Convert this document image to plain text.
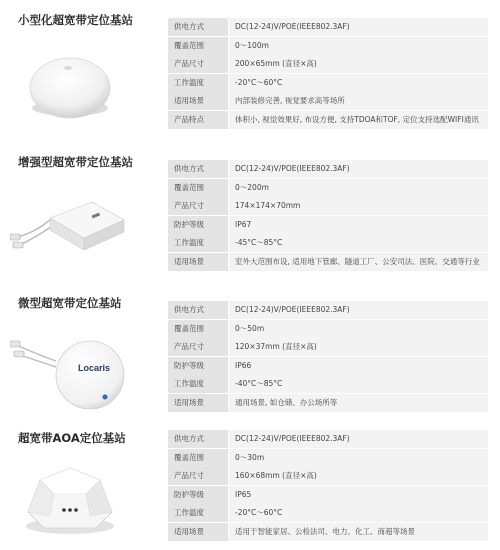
小型化超宽带定位基站	供电方式	DC(12-24)V/POE(IEEE802.3AF)
覆盖范围	0～100m
产品尺寸	200×65mm (直径×高)
工作温度	-20°C～60°C
适用场景	内部装修完善, 视觉要求高等场所
产品特点	体积小, 视觉效果好, 布设方便, 支持TDOA和TOF, 定位支持选配WIFI通讯
增强型超宽带定位基站	供电方式	DC(12-24)V/POE(IEEE802.3AF)
覆盖范围	0～200m
产品尺寸	174×174×70mm
防护等级	IP67
工作温度	-45°C～85°C
适用场景	室外大范围布设, 适用地下管廊、隧道工厂、公安司法、医院、交通等行业
微型超宽带定位基站
Locaris
供电方式	DC(12-24)V/POE(IEEE802.3AF)
覆盖范围	0～50m
产品尺寸	120×37mm (直径×高)
防护等级	IP66
工作温度	-40°C～85°C
适用场景	通用场景, 如仓储、办公场所等
超宽带AOA定位基站	供电方式	DC(12-24)V/POE(IEEE802.3AF)
覆盖范围	0～30m
产品尺寸	160×68mm (直径×高)
防护等级	IP65
工作温度	-20°C～60°C
适用场景	适用于智能家居、公检法司、电力、化工、商超等场景
